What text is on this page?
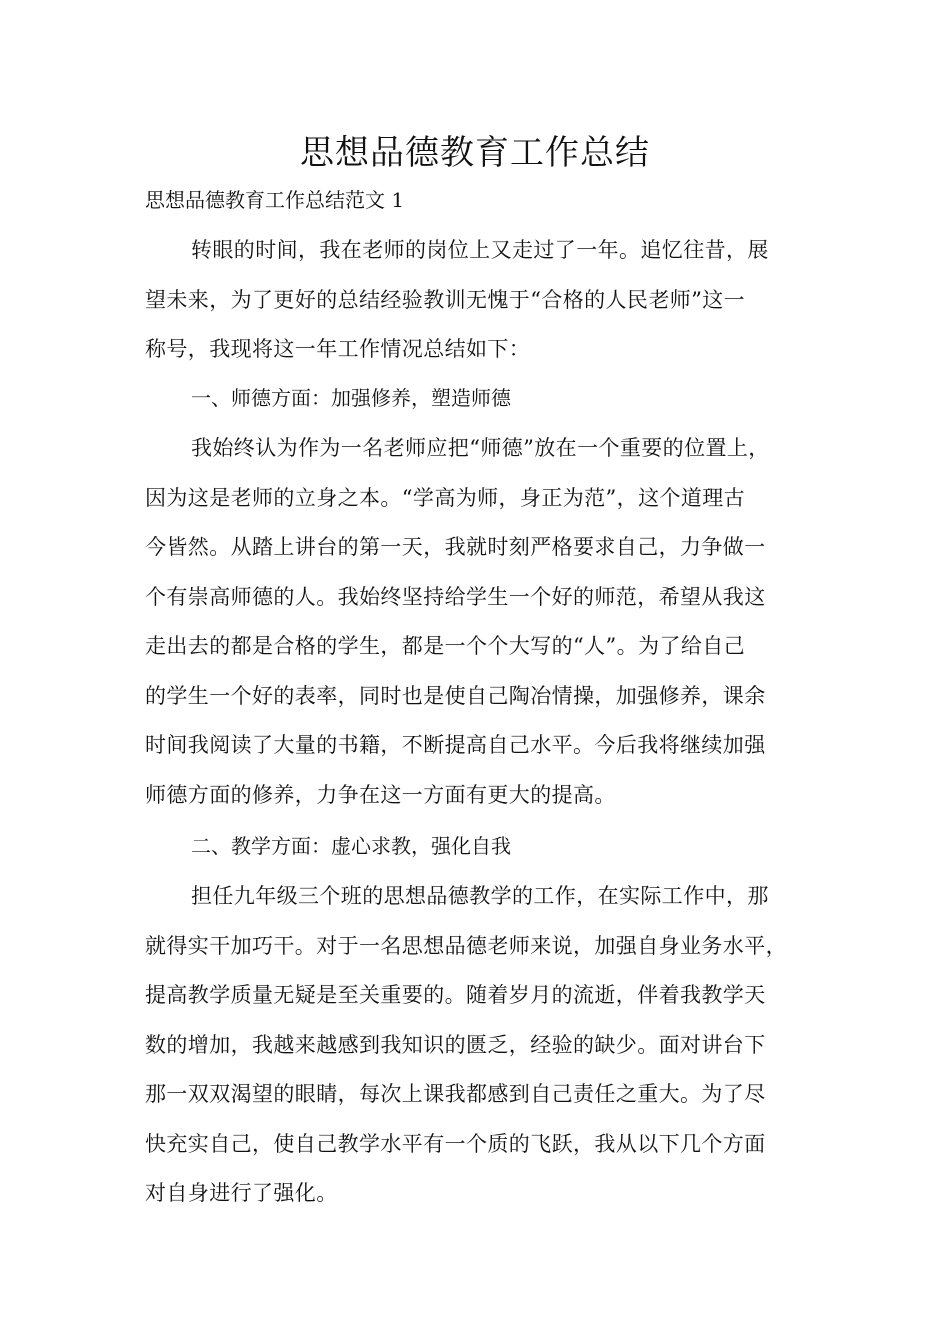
思想品德教育工作总结

思想品德教育工作总结范文 1

转眼的时间，我在老师的岗位上又走过了一年。追忆往昔，展
望未来，为了更好的总结经验教训无愧于“合格的人民老师”这一
称号，我现将这一年工作情况总结如下：
一、师德方面：加强修养，塑造师德
我始终认为作为一名老师应把“师德”放在一个重要的位置上，
因为这是老师的立身之本。“学高为师，身正为范”，这个道理古
今皆然。从踏上讲台的第一天，我就时刻严格要求自己，力争做一
个有崇高师德的人。我始终坚持给学生一个好的师范，希望从我这
走出去的都是合格的学生，都是一个个大写的“人”。为了给自己
的学生一个好的表率，同时也是使自己陶冶情操，加强修养，课余
时间我阅读了大量的书籍，不断提高自己水平。今后我将继续加强
师德方面的修养，力争在这一方面有更大的提高。
二、教学方面：虚心求教，强化自我
担任九年级三个班的思想品德教学的工作，在实际工作中，那
就得实干加巧干。对于一名思想品德老师来说，加强自身业务水平，
提高教学质量无疑是至关重要的。随着岁月的流逝，伴着我教学天
数的增加，我越来越感到我知识的匮乏，经验的缺少。面对讲台下
那一双双渴望的眼睛，每次上课我都感到自己责任之重大。为了尽
快充实自己，使自己教学水平有一个质的飞跃，我从以下几个方面
对自身进行了强化。
